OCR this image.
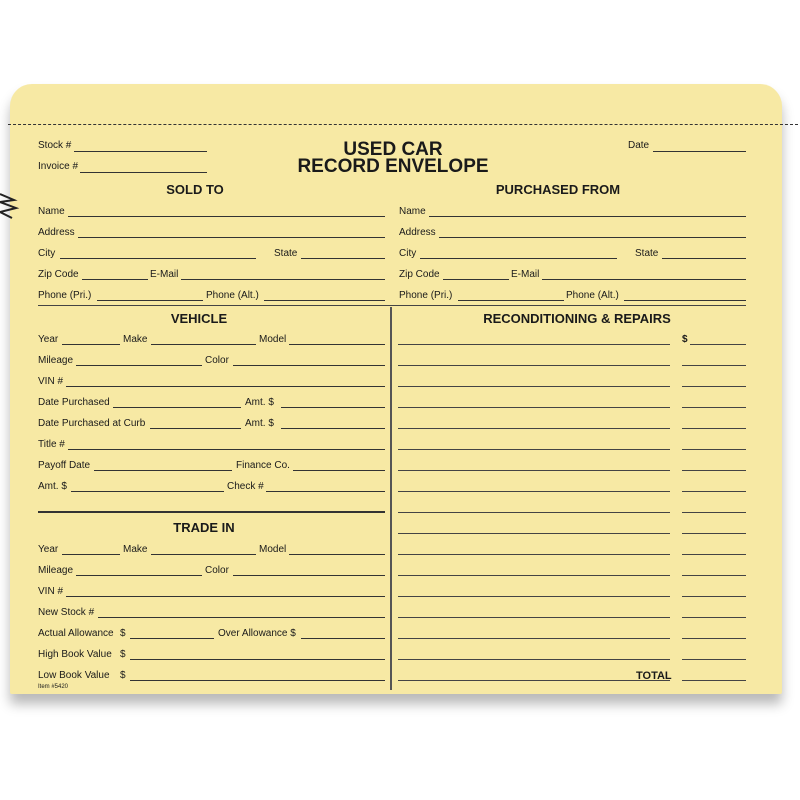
Stock #
Invoice #
USED CAR
RECORD ENVELOPE
Date
SOLD TO
Name
Address
City	State
Zip Code	E-Mail
Phone (Pri.)	Phone (Alt.)
PURCHASED FROM
Name
Address
City	State
Zip Code	E-Mail
Phone (Pri.)	Phone (Alt.)
VEHICLE
Year	Make	Model
Mileage	Color
VIN #
Date Purchased	Amt. $
Date Purchased at Curb	Amt. $
Title #
Payoff Date	Finance Co.
Amt. $	Check #
TRADE IN
Year	Make	Model
Mileage	Color
VIN #
New Stock #
Actual Allowance $	Over Allowance $
High Book Value $
Low Book Value $
Item #5420
RECONDITIONING & REPAIRS
$
TOTAL
